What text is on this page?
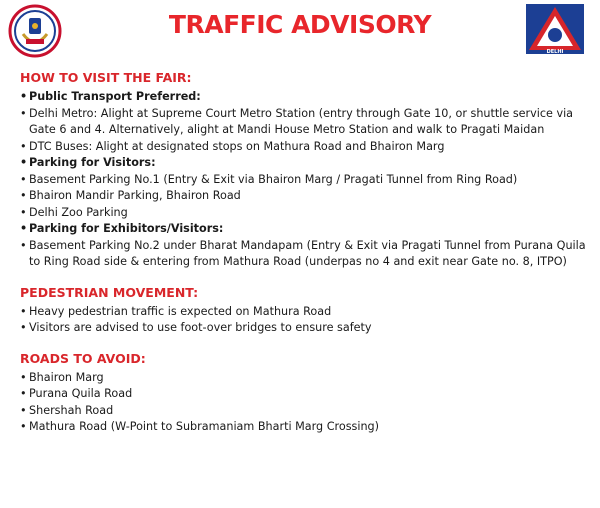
TRAFFIC ADVISORY
DELHI
HOW TO VISIT THE FAIR:
• Public Transport Preferred:
• Delhi Metro: Alight at Supreme Court Metro Station (entry through Gate 10, or shuttle service via Gate 6 and 4. Alternatively, alight at Mandi House Metro Station and walk to Pragati Maidan
• DTC Buses: Alight at designated stops on Mathura Road and Bhairon Marg
• Parking for Visitors:
• Basement Parking No.1 (Entry & Exit via Bhairon Marg / Pragati Tunnel from Ring Road)
• Bhairon Mandir Parking, Bhairon Road
• Delhi Zoo Parking
• Parking for Exhibitors/Visitors:
• Basement Parking No.2 under Bharat Mandapam (Entry & Exit via Pragati Tunnel from Purana Quila to Ring Road side & entering from Mathura Road (underpas no 4 and exit near Gate no. 8, ITPO)
PEDESTRIAN MOVEMENT:
• Heavy pedestrian traffic is expected on Mathura Road
• Visitors are advised to use foot-over bridges to ensure safety
ROADS TO AVOID:
• Bhairon Marg
• Purana Quila Road
• Shershah Road
• Mathura Road (W-Point to Subramaniam Bharti Marg Crossing)
